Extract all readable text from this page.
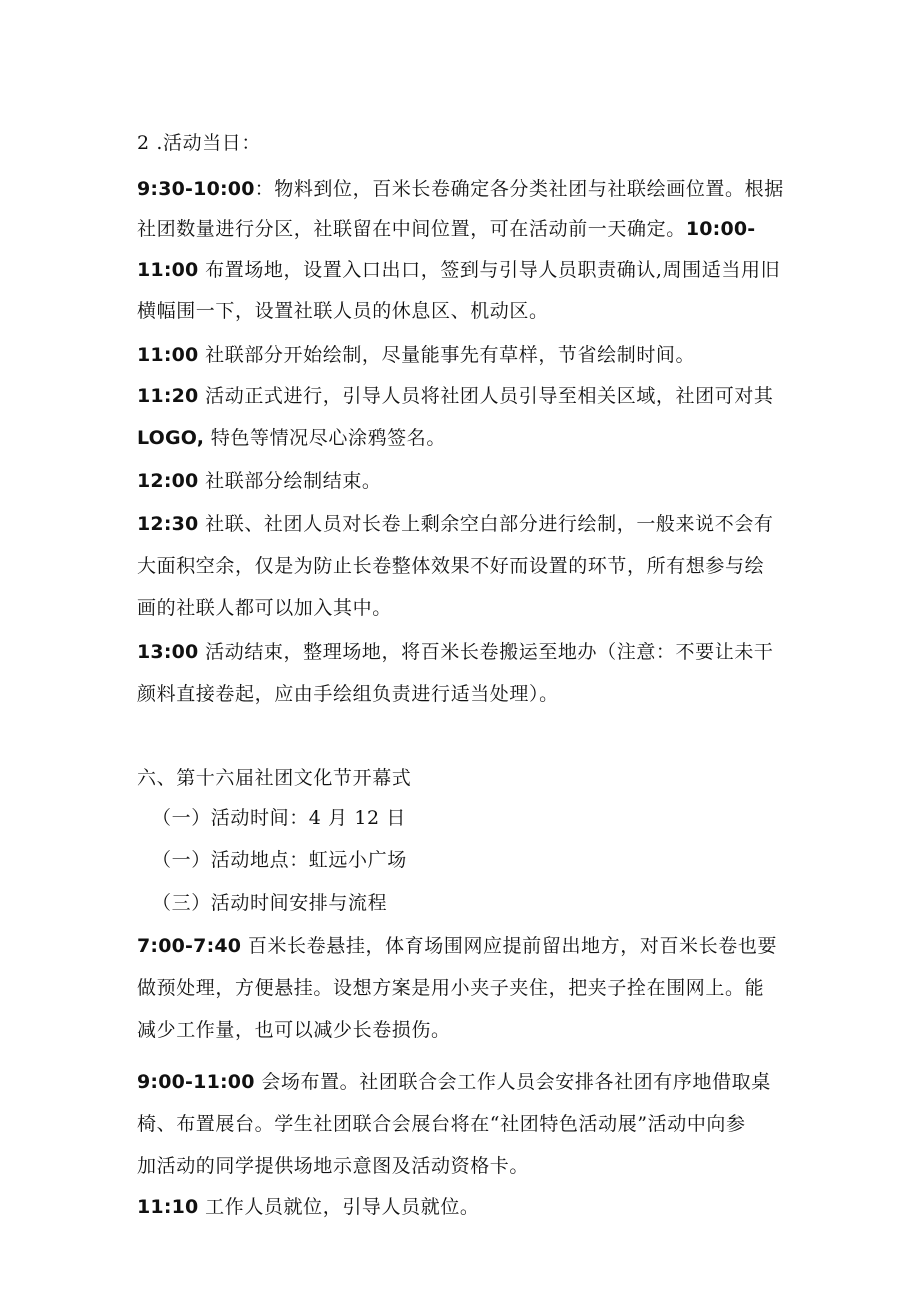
2 .活动当日：
9:30-10:00：物料到位，百米长卷确定各分类社团与社联绘画位置。根据
社团数量进行分区，社联留在中间位置，可在活动前一天确定。10:00-
11:00 布置场地，设置入口出口，签到与引导人员职责确认,周围适当用旧
横幅围一下，设置社联人员的休息区、机动区。
11:00 社联部分开始绘制，尽量能事先有草样，节省绘制时间。
11:20 活动正式进行，引导人员将社团人员引导至相关区域，社团可对其
LOGO, 特色等情况尽心涂鸦签名。
12:00 社联部分绘制结束。
12:30 社联、社团人员对长卷上剩余空白部分进行绘制，一般来说不会有
大面积空余，仅是为防止长卷整体效果不好而设置的环节，所有想参与绘
画的社联人都可以加入其中。
13:00 活动结束，整理场地，将百米长卷搬运至地办（注意：不要让未干
颜料直接卷起，应由手绘组负责进行适当处理）。
六、第十六届社团文化节开幕式
（一）活动时间：4 月 12 日
（一）活动地点：虹远小广场
（三）活动时间安排与流程
7:00-7:40 百米长卷悬挂，体育场围网应提前留出地方，对百米长卷也要
做预处理，方便悬挂。设想方案是用小夹子夹住，把夹子拴在围网上。能
减少工作量，也可以减少长卷损伤。
9:00-11:00 会场布置。社团联合会工作人员会安排各社团有序地借取桌
椅、布置展台。学生社团联合会展台将在“社团特色活动展”活动中向参
加活动的同学提供场地示意图及活动资格卡。
11:10 工作人员就位，引导人员就位。
